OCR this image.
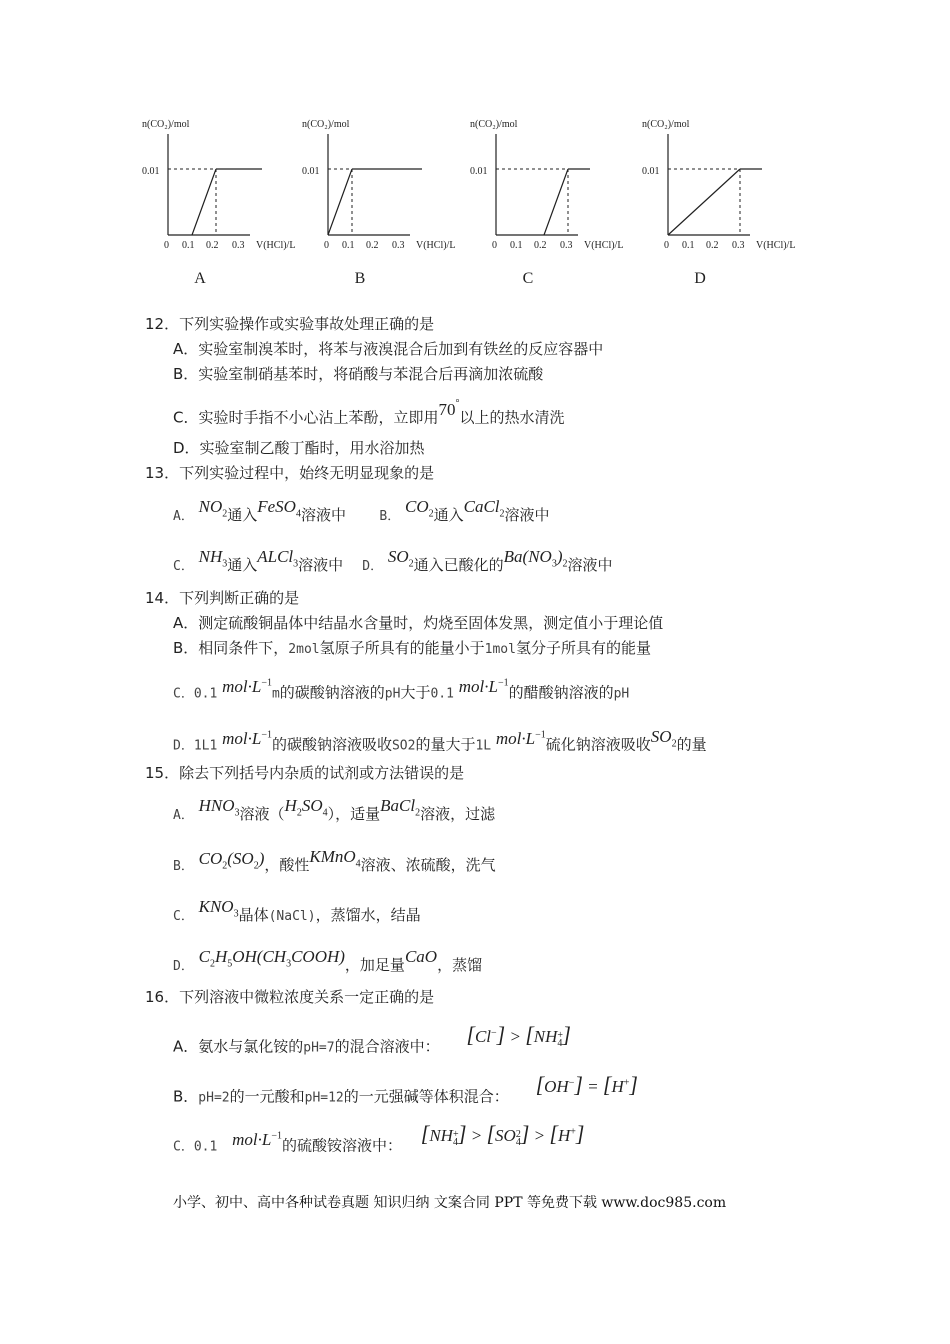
n(CO₂)/mol
0.01
0 0.1 0.2 0.3 V(HCl)/L
A
n(CO₂)/mol
0.01
0 0.1 0.2 0.3 V(HCl)/L
B
n(CO₂)/mol
0.01
0 0.1 0.2 0.3 V(HCl)/L
C
n(CO₂)/mol
0.01
0 0.1 0.2 0.3 V(HCl)/L
D
12．下列实验操作或实验事故处理正确的是
A．实验室制溴苯时，将苯与液溴混合后加到有铁丝的反应容器中
B．实验室制硝基苯时，将硝酸与苯混合后再滴加浓硫酸
C．实验时手指不小心沾上苯酚，立即用70°以上的热水清洗
D．实验室制乙酸丁酯时，用水浴加热
13．下列实验过程中，始终无明显现象的是
A． $NO_2$通入FeSO$_4$溶液中	B． $CO_2$通入CaCl$_2$溶液中
C． $NH_3$通入ALCl$_3$溶液中 D． $SO_2$通入已酸化的$Ba(NO_3)_2$溶液中
14．下列判断正确的是
A．测定硫酸铜晶体中结晶水含量时，灼烧至固体发黑，测定值小于理论值
B．相同条件下，2mol氢原子所具有的能量小于1mol氢分子所具有的能量
C．0.1 $mol\cdot L^{-1}m$的碳酸钠溶液的pH大于0.1 $mol\cdot L^{-1}$的醋酸钠溶液的pH
D．1L1 $mol\cdot L^{-1}$的碳酸钠溶液吸收SO2的量大于1L $mol\cdot L^{-1}$硫化钠溶液吸收$SO_2$的量
15．除去下列括号内杂质的试剂或方法错误的是
A． $HNO_3$溶液$(H_2SO_4)$，适量BaCl$_2$溶液，过滤
B． $CO_2(SO_2)$，酸性KMnO$_4$溶液、浓硫酸，洗气
C． $KNO_3$晶体(NaCl)，蒸馏水，结晶
D． $C_2H_5OH(CH_3COOH)$，加足量CaO，蒸馏
16．下列溶液中微粒浓度关系一定正确的是
A．氨水与氯化铵的pH=7的混合溶液中： [Cl−] > [NH $_{+ 4}$]
B．pH=2的一元酸和pH=12的一元强碱等体积混合： [OH−] = [H+]
C．0.1 $mol\cdot L^{-1}$的硫酸铵溶液中： [NH $_{+ 4}$] > [SO $_{2 4}$] > [H+]
小学、初中、高中各种试卷真题 知识归纳 文案合同 PPT 等免费下载 www.doc985.com
